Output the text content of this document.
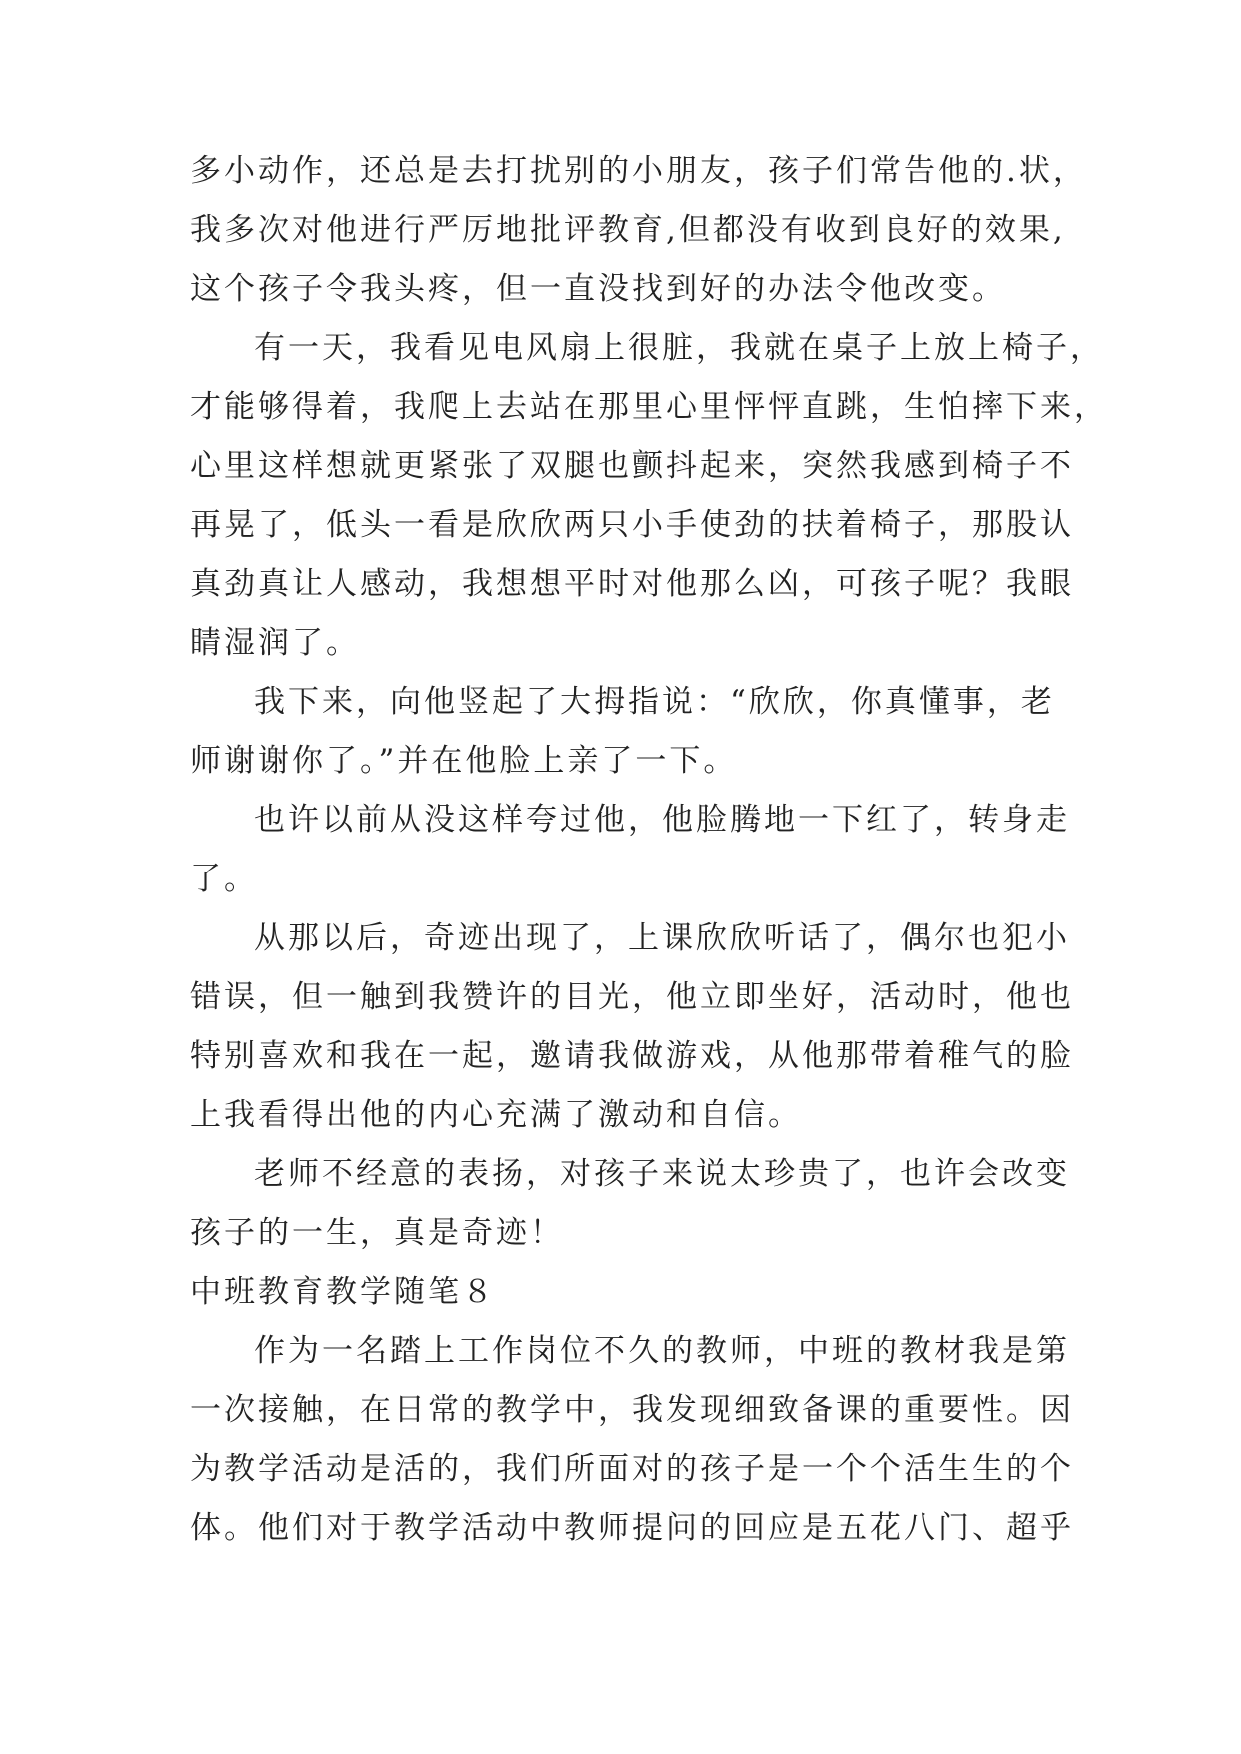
多小动作，还总是去打扰别的小朋友，孩子们常告他的.状，
我多次对他进行严厉地批评教育,但都没有收到良好的效果,
这个孩子令我头疼，但一直没找到好的办法令他改变。
有一天，我看见电风扇上很脏，我就在桌子上放上椅子，
才能够得着，我爬上去站在那里心里怦怦直跳，生怕摔下来，
心里这样想就更紧张了双腿也颤抖起来，突然我感到椅子不
再晃了，低头一看是欣欣两只小手使劲的扶着椅子，那股认
真劲真让人感动，我想想平时对他那么凶，可孩子呢？我眼
睛湿润了。
我下来，向他竖起了大拇指说：“欣欣，你真懂事，老
师谢谢你了。”并在他脸上亲了一下。
也许以前从没这样夸过他，他脸腾地一下红了，转身走
了。
从那以后，奇迹出现了，上课欣欣听话了，偶尔也犯小
错误，但一触到我赞许的目光，他立即坐好，活动时，他也
特别喜欢和我在一起，邀请我做游戏，从他那带着稚气的脸
上我看得出他的内心充满了激动和自信。
老师不经意的表扬，对孩子来说太珍贵了，也许会改变
孩子的一生，真是奇迹！
中班教育教学随笔８
作为一名踏上工作岗位不久的教师，中班的教材我是第
一次接触，在日常的教学中，我发现细致备课的重要性。因
为教学活动是活的，我们所面对的孩子是一个个活生生的个
体。他们对于教学活动中教师提问的回应是五花八门、超乎
